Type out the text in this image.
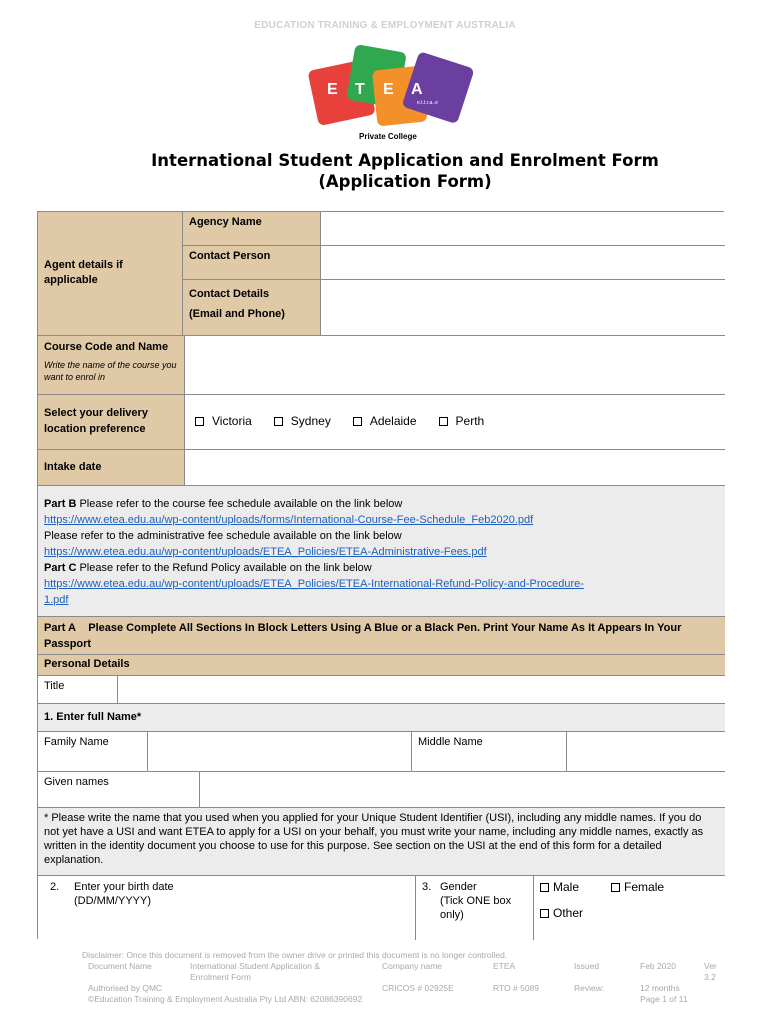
EDUCATION TRAINING & EMPLOYMENT AUSTRALIA
E T E A
e.t.t.r.a..e
Private College
International Student Application and Enrolment Form
(Application Form)
Agent details if applicable
Agency Name
Contact Person
Contact Details
(Email and Phone)
Course Code and Name
Write the name of the course you want to enrol in
Select your delivery location preference
Victoria	Sydney	Adelaide	Perth
Intake date
Part B Please refer to the course fee schedule available on the link below
https://www.etea.edu.au/wp-content/uploads/forms/International-Course-Fee-Schedule_Feb2020.pdf
Please refer to the administrative fee schedule available on the link below
https://www.etea.edu.au/wp-content/uploads/ETEA_Policies/ETEA-Administrative-Fees.pdf
Part C Please refer to the Refund Policy available on the link below
https://www.etea.edu.au/wp-content/uploads/ETEA_Policies/ETEA-International-Refund-Policy-and-Procedure-
1.pdf
Part A Please Complete All Sections In Block Letters Using A Blue or a Black Pen. Print Your Name As It Appears In Your Passport
Personal Details
Title
1. Enter full Name*
Family Name	Middle Name
Given names
* Please write the name that you used when you applied for your Unique Student Identifier (USI), including any middle names. If you do not yet have a USI and want ETEA to apply for a USI on your behalf, you must write your name, including any middle names, exactly as written in the identity document you choose to use for this purpose. See section on the USI at the end of this form for a detailed explanation.
2.	Enter your birth date
(DD/MM/YYYY)
3. Gender
(Tick ONE box
only)
Male	Female
Other
Disclaimer: Once this document is removed from the owner drive or printed this document is no longer controlled.
Document Name	International Student Application & Enrolment Form
Company name	ETEA	Issued	Feb 2020	Ver
3.2
Authorised by QMC	CRICOS # 02925E	RTO # 5089	Review:	12 months
©Education Training & Employment Australia Pty Ltd ABN: 62086390692	Page 1 of 11
